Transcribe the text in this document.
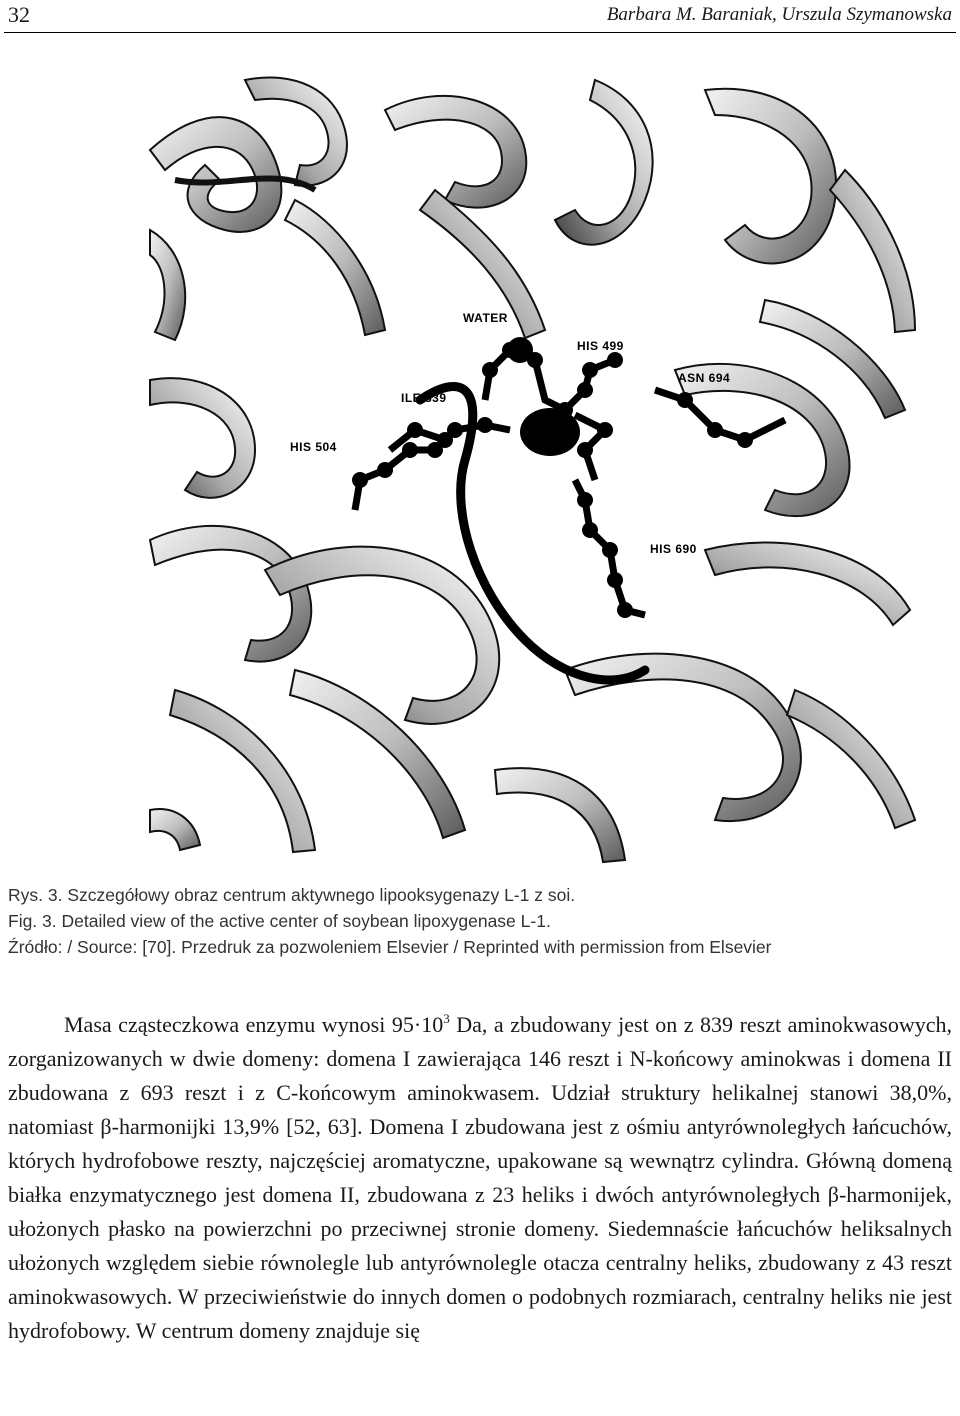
32	Barbara M. Baraniak, Urszula Szymanowska
WATER
HIS 499
ASN 694
ILE 839
HIS 504
HIS 690
Rys. 3. Szczegółowy obraz centrum aktywnego lipooksygenazy L-1 z soi.
Fig. 3. Detailed view of the active center of soybean lipoxygenase L-1.
Źródło: / Source: [70]. Przedruk za pozwoleniem Elsevier / Reprinted with permission from Elsevier
Masa cząsteczkowa enzymu wynosi $95\cdot 10^3$ Da, a zbudowany jest on z 839 reszt aminokwasowych, zorganizowanych w dwie domeny: domena I zawierająca 146 reszt i N-końcowy aminokwas i domena II zbudowana z 693 reszt i z C-końcowym aminokwasem. Udział struktury helikalnej stanowi 38,0%, natomiast β-harmonijki 13,9% [52, 63]. Domena I zbudowana jest z ośmiu antyrównoległych łańcuchów, których hydrofobowe reszty, najczęściej aromatyczne, upakowane są wewnątrz cylindra. Główną domeną białka enzymatycznego jest domena II, zbudowana z 23 heliks i dwóch antyrównoległych β-harmonijek, ułożonych płasko na powierzchni po przeciwnej stronie domeny. Siedemnaście łańcuchów heliksalnych ułożonych względem siebie równolegle lub antyrównolegle otacza centralny heliks, zbudowany z 43 reszt aminokwasowych. W przeciwieństwie do innych domen o podobnych rozmiarach, centralny heliks nie jest hydrofobowy. W centrum domeny znajduje się
